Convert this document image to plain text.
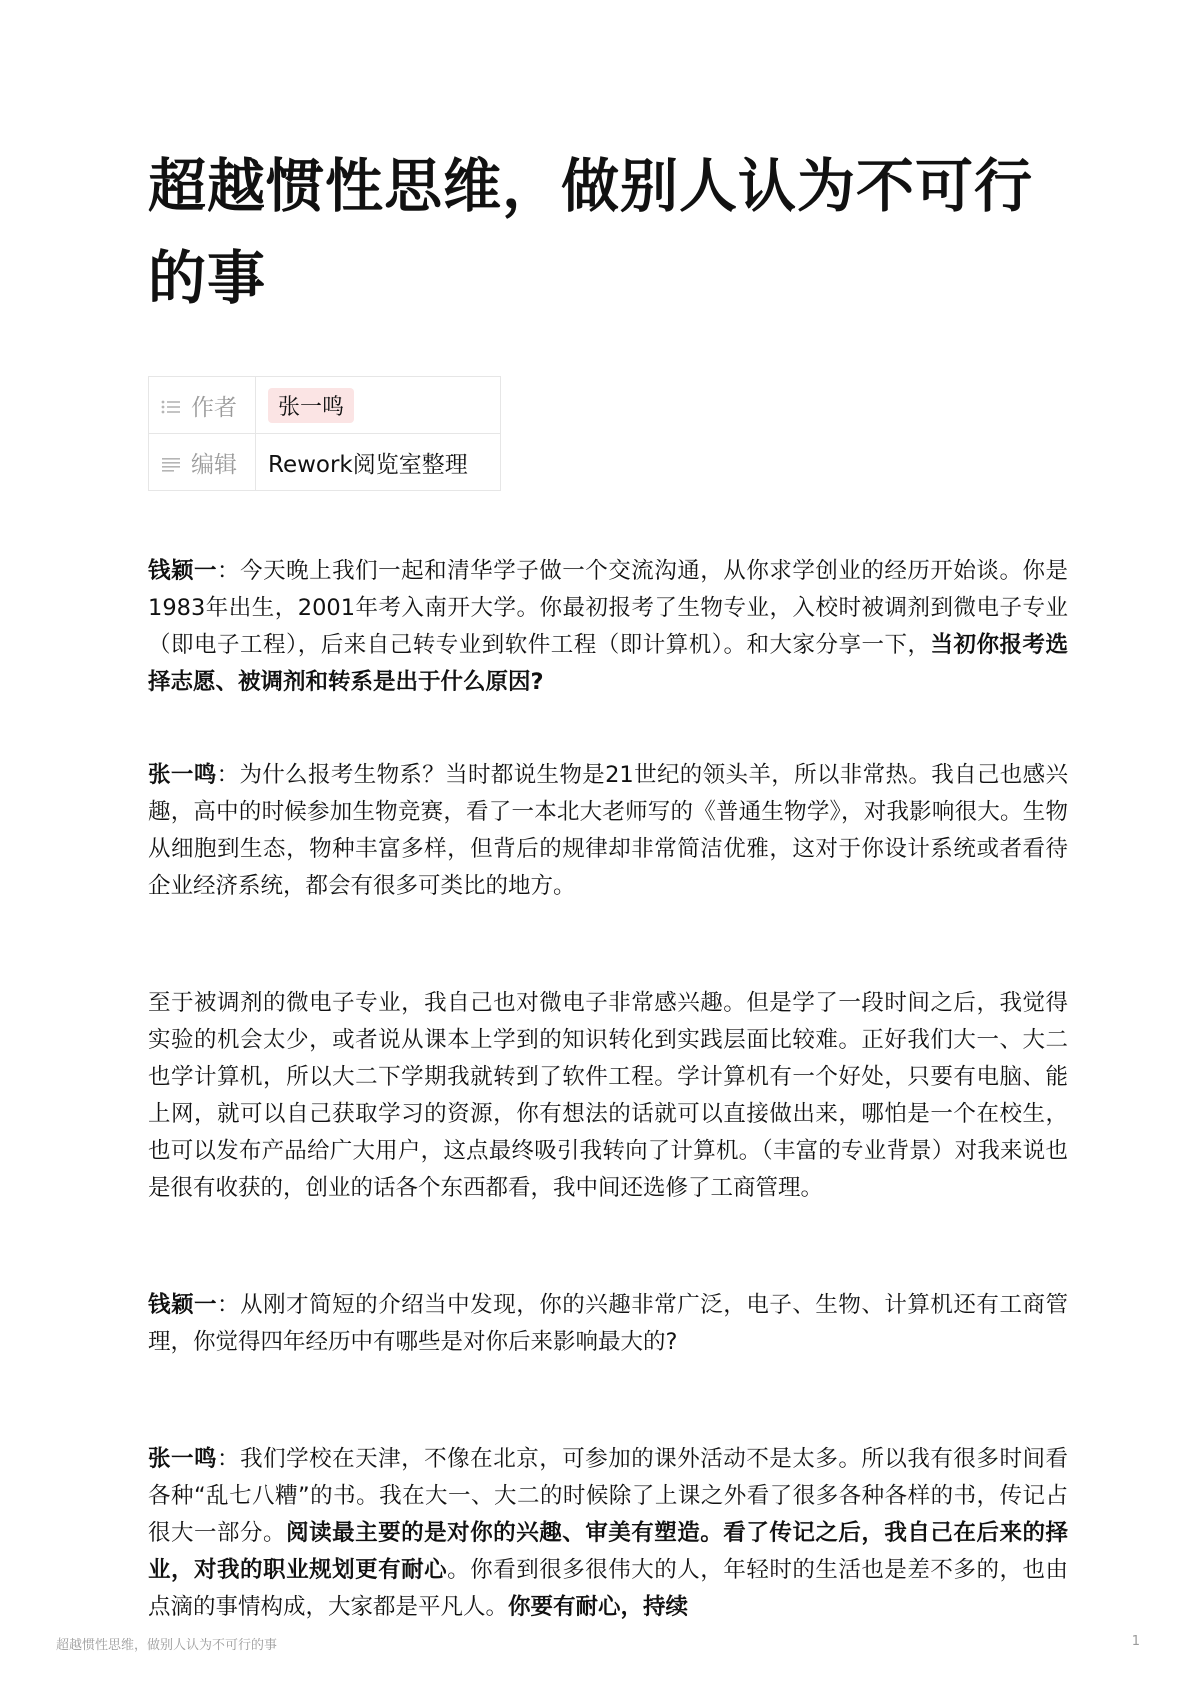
超越惯性思维，做别人认为不可行的事
作者	张一鸣
编辑	Rework阅览室整理

钱颖一：今天晚上我们一起和清华学子做一个交流沟通，从你求学创业的经历开始谈。你是1983年出生，2001年考入南开大学。你最初报考了生物专业，入校时被调剂到微电子专业（即电子工程），后来自己转专业到软件工程（即计算机）。和大家分享一下，当初你报考选择志愿、被调剂和转系是出于什么原因?

张一鸣：为什么报考生物系？当时都说生物是21世纪的领头羊，所以非常热。我自己也感兴趣，高中的时候参加生物竞赛，看了一本北大老师写的《普通生物学》，对我影响很大。生物从细胞到生态，物种丰富多样，但背后的规律却非常简洁优雅，这对于你设计系统或者看待企业经济系统，都会有很多可类比的地方。

至于被调剂的微电子专业，我自己也对微电子非常感兴趣。但是学了一段时间之后，我觉得实验的机会太少，或者说从课本上学到的知识转化到实践层面比较难。正好我们大一、大二也学计算机，所以大二下学期我就转到了软件工程。学计算机有一个好处，只要有电脑、能上网，就可以自己获取学习的资源，你有想法的话就可以直接做出来，哪怕是一个在校生，也可以发布产品给广大用户，这点最终吸引我转向了计算机。（丰富的专业背景）对我来说也是很有收获的，创业的话各个东西都看，我中间还选修了工商管理。

钱颖一：从刚才简短的介绍当中发现，你的兴趣非常广泛，电子、生物、计算机还有工商管理，你觉得四年经历中有哪些是对你后来影响最大的?

张一鸣：我们学校在天津，不像在北京，可参加的课外活动不是太多。所以我有很多时间看各种“乱七八糟”的书。我在大一、大二的时候除了上课之外看了很多各种各样的书，传记占很大一部分。阅读最主要的是对你的兴趣、审美有塑造。看了传记之后，我自己在后来的择业，对我的职业规划更有耐心。你看到很多很伟大的人，年轻时的生活也是差不多的，也由点滴的事情构成，大家都是平凡人。你要有耐心，持续

超越惯性思维，做别人认为不可行的事	1
